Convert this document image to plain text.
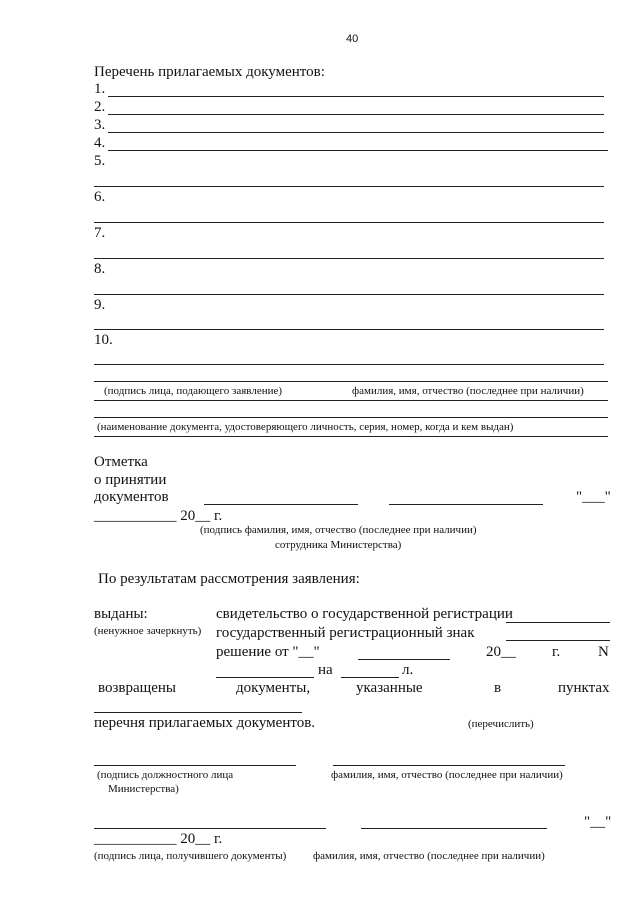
40
Перечень прилагаемых документов:
1.
2.
3.
4.
5.
6.
7.
8.
9.
10.
(подпись лица, подающего заявление)	фамилия, имя, отчество (последнее при наличии)
(наименование документа, удостоверяющего личность, серия, номер, когда и кем выдан)
Отметка
о принятии
документов	"___"
___________ 20__ г.
(подпись фамилия, имя, отчество (последнее при наличии)
сотрудника Министерства)
По результатам рассмотрения заявления:
выданы:
(ненужное зачеркнуть)
свидетельство о государственной регистрации
государственный регистрационный знак
решение от "__"	20__ г.	N
на	л.
возвращены	документы,	указанные	в	пунктах
перечня прилагаемых документов.	(перечислить)
(подпись должностного лица
Министерства)
фамилия, имя, отчество (последнее при наличии)
"__"
___________ 20__ г.
(подпись лица, получившего документы) фамилия, имя, отчество (последнее при наличии)
